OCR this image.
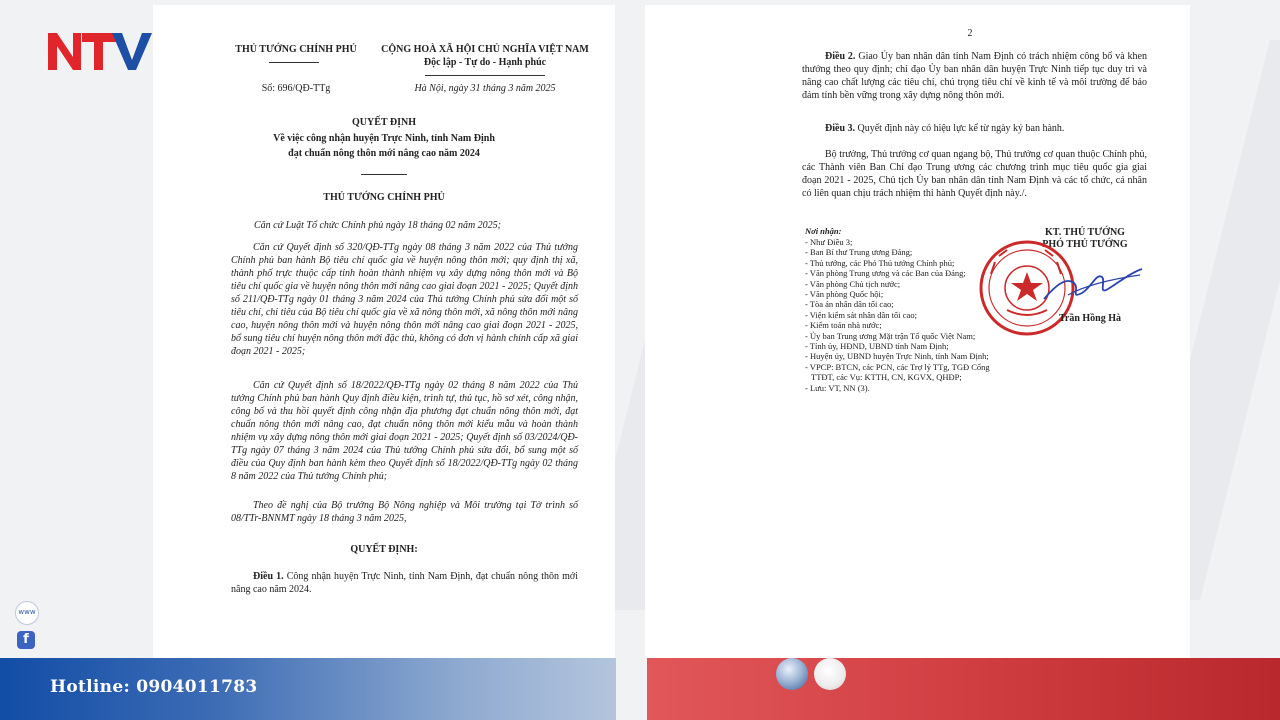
www
f

THỦ TƯỚNG CHÍNH PHỦ	CỘNG HOÀ XÃ HỘI CHỦ NGHĨA VIỆT NAM

Độc lập - Tự do - Hạnh phúc

Số: 696/QĐ-TTg	Hà Nội, ngày 31 tháng 3 năm 2025

QUYẾT ĐỊNH

Về việc công nhận huyện Trực Ninh, tỉnh Nam Định

đạt chuẩn nông thôn mới nâng cao năm 2024

THỦ TƯỚNG CHÍNH PHỦ

Căn cứ Luật Tổ chức Chính phủ ngày 18 tháng 02 năm 2025;

Căn cứ Quyết định số 320/QĐ-TTg ngày 08 tháng 3 năm 2022 của Thủ tướng Chính phủ ban hành Bộ tiêu chí quốc gia về huyện nông thôn mới; quy định thị xã, thành phố trực thuộc cấp tỉnh hoàn thành nhiệm vụ xây dựng nông thôn mới và Bộ tiêu chí quốc gia về huyện nông thôn mới nâng cao giai đoạn 2021 - 2025; Quyết định số 211/QĐ-TTg ngày 01 tháng 3 năm 2024 của Thủ tướng Chính phủ sửa đổi một số tiêu chí, chỉ tiêu của Bộ tiêu chí quốc gia về xã nông thôn mới, xã nông thôn mới nâng cao, huyện nông thôn mới và huyện nông thôn mới nâng cao giai đoạn 2021 - 2025, bổ sung tiêu chí huyện nông thôn mới đặc thù, không có đơn vị hành chính cấp xã giai đoạn 2021 - 2025;

Căn cứ Quyết định số 18/2022/QĐ-TTg ngày 02 tháng 8 năm 2022 của Thủ tướng Chính phủ ban hành Quy định điều kiện, trình tự, thủ tục, hồ sơ xét, công nhận, công bố và thu hồi quyết định công nhận địa phương đạt chuẩn nông thôn mới, đạt chuẩn nông thôn mới nâng cao, đạt chuẩn nông thôn mới kiểu mẫu và hoàn thành nhiệm vụ xây dựng nông thôn mới giai đoạn 2021 - 2025; Quyết định số 03/2024/QĐ-TTg ngày 07 tháng 3 năm 2024 của Thủ tướng Chính phủ sửa đổi, bổ sung một số điều của Quy định ban hành kèm theo Quyết định số 18/2022/QĐ-TTg ngày 02 tháng 8 năm 2022 của Thủ tướng Chính phủ;

Theo đề nghị của Bộ trưởng Bộ Nông nghiệp và Môi trường tại Tờ trình số 08/TTr-BNNMT ngày 18 tháng 3 năm 2025,

QUYẾT ĐỊNH:

Điều 1. Công nhận huyện Trực Ninh, tỉnh Nam Định, đạt chuẩn nông thôn mới nâng cao năm 2024.

2

Điều 2. Giao Ủy ban nhân dân tỉnh Nam Định có trách nhiệm công bố và khen thưởng theo quy định; chỉ đạo Ủy ban nhân dân huyện Trực Ninh tiếp tục duy trì và nâng cao chất lượng các tiêu chí, chú trọng tiêu chí về kinh tế và môi trường để bảo đảm tính bền vững trong xây dựng nông thôn mới.

Điều 3. Quyết định này có hiệu lực kể từ ngày ký ban hành.

Bộ trưởng, Thủ trưởng cơ quan ngang bộ, Thủ trưởng cơ quan thuộc Chính phủ, các Thành viên Ban Chỉ đạo Trung ương các chương trình mục tiêu quốc gia giai đoạn 2021 - 2025, Chủ tịch Ủy ban nhân dân tỉnh Nam Định và các tổ chức, cá nhân có liên quan chịu trách nhiệm thi hành Quyết định này./.

Nơi nhận:

- Như Điều 3;
- Ban Bí thư Trung ương Đảng;
- Thủ tướng, các Phó Thủ tướng Chính phủ;
- Văn phòng Trung ương và các Ban của Đảng;
- Văn phòng Chủ tịch nước;
- Văn phòng Quốc hội;
- Tòa án nhân dân tối cao;
- Viện kiểm sát nhân dân tối cao;
- Kiểm toán nhà nước;
- Ủy ban Trung ương Mặt trận Tổ quốc Việt Nam;
- Tỉnh ủy, HĐND, UBND tỉnh Nam Định;
- Huyện ủy, UBND huyện Trực Ninh, tỉnh Nam Định;
- VPCP: BTCN, các PCN, các Trợ lý TTg, TGĐ Cổng
TTĐT, các Vụ: KTTH, CN, KGVX, QHĐP;
- Lưu: VT, NN (3).

KT. THỦ TƯỚNG

PHÓ THỦ TƯỚNG

Trần Hồng Hà

Hotline: 0904011783
